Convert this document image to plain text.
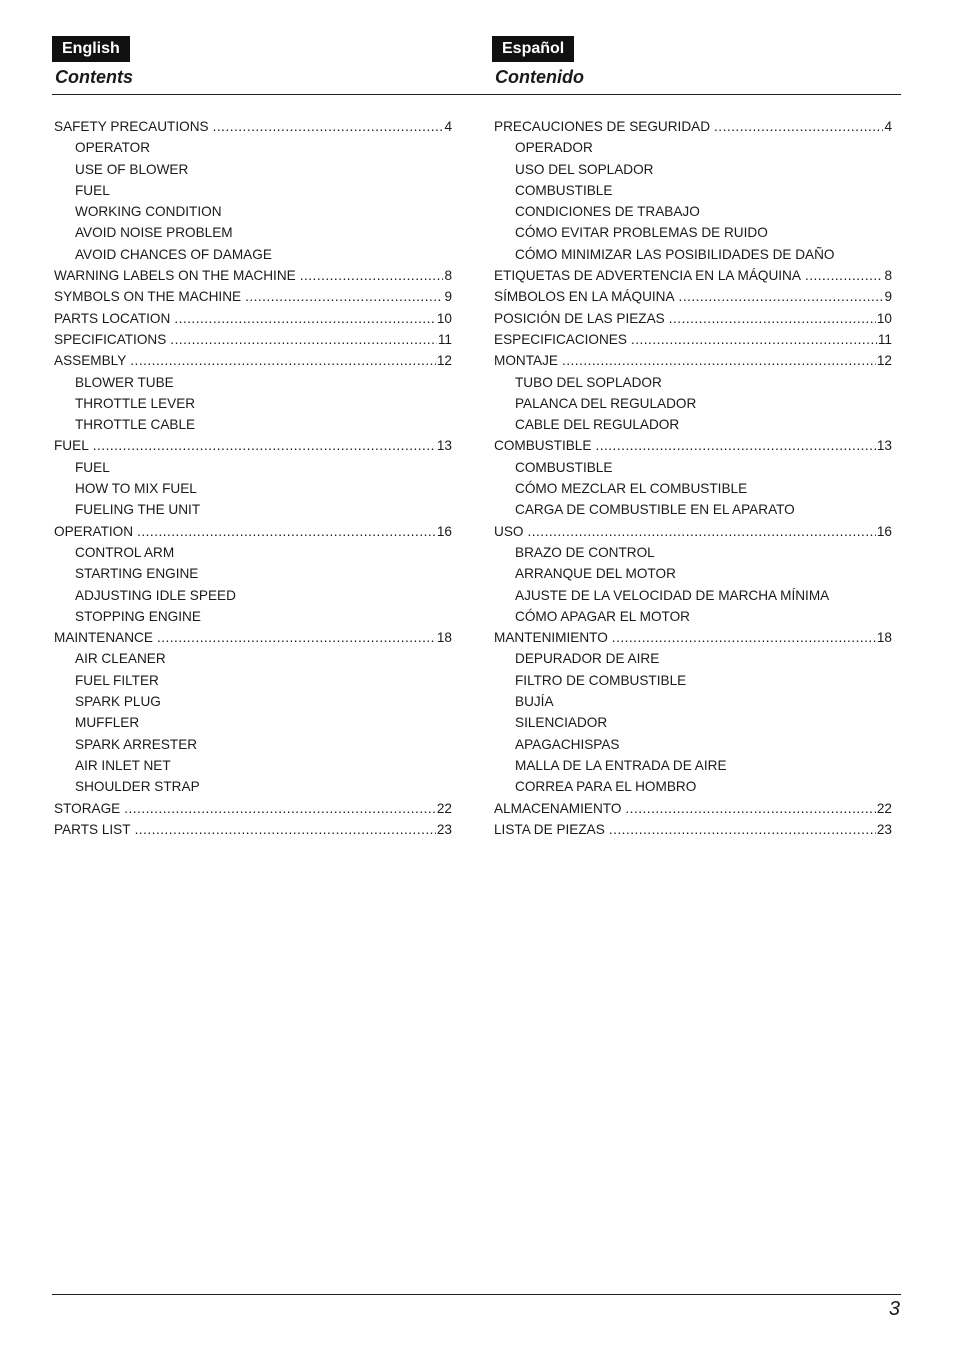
English
Contents
Español
Contenido
SAFETY PRECAUTIONS .....	4
OPERATOR
USE OF BLOWER
FUEL
WORKING CONDITION
AVOID NOISE PROBLEM
AVOID CHANCES OF DAMAGE
WARNING LABELS ON THE MACHINE .....	8
SYMBOLS ON THE MACHINE .....	9
PARTS LOCATION .....	10
SPECIFICATIONS .....	11
ASSEMBLY .....	12
BLOWER TUBE
THROTTLE LEVER
THROTTLE CABLE
FUEL .....	13
FUEL
HOW TO MIX FUEL
FUELING THE UNIT
OPERATION .....	16
CONTROL ARM
STARTING ENGINE
ADJUSTING IDLE SPEED
STOPPING ENGINE
MAINTENANCE .....	18
AIR CLEANER
FUEL FILTER
SPARK PLUG
MUFFLER
SPARK ARRESTER
AIR INLET NET
SHOULDER STRAP
STORAGE .....	22
PARTS LIST .....	23
PRECAUCIONES DE SEGURIDAD .....	4
OPERADOR
USO DEL SOPLADOR
COMBUSTIBLE
CONDICIONES DE TRABAJO
CÓMO EVITAR PROBLEMAS DE RUIDO
CÓMO MINIMIZAR LAS POSIBILIDADES DE DAÑO
ETIQUETAS DE ADVERTENCIA EN LA MÁQUINA .....	8
SÍMBOLOS EN LA MÁQUINA .....	9
POSICIÓN DE LAS PIEZAS .....	10
ESPECIFICACIONES .....	11
MONTAJE .....	12
TUBO DEL SOPLADOR
PALANCA DEL REGULADOR
CABLE DEL REGULADOR
COMBUSTIBLE .....	13
COMBUSTIBLE
CÓMO MEZCLAR EL COMBUSTIBLE
CARGA DE COMBUSTIBLE EN EL APARATO
USO .....	16
BRAZO DE CONTROL
ARRANQUE DEL MOTOR
AJUSTE DE LA VELOCIDAD DE MARCHA MÍNIMA
CÓMO APAGAR EL MOTOR
MANTENIMIENTO .....	18
DEPURADOR DE AIRE
FILTRO DE COMBUSTIBLE
BUJÍA
SILENCIADOR
APAGACHISPAS
MALLA DE LA ENTRADA DE AIRE
CORREA PARA EL HOMBRO
ALMACENAMIENTO .....	22
LISTA DE PIEZAS .....	23
3
